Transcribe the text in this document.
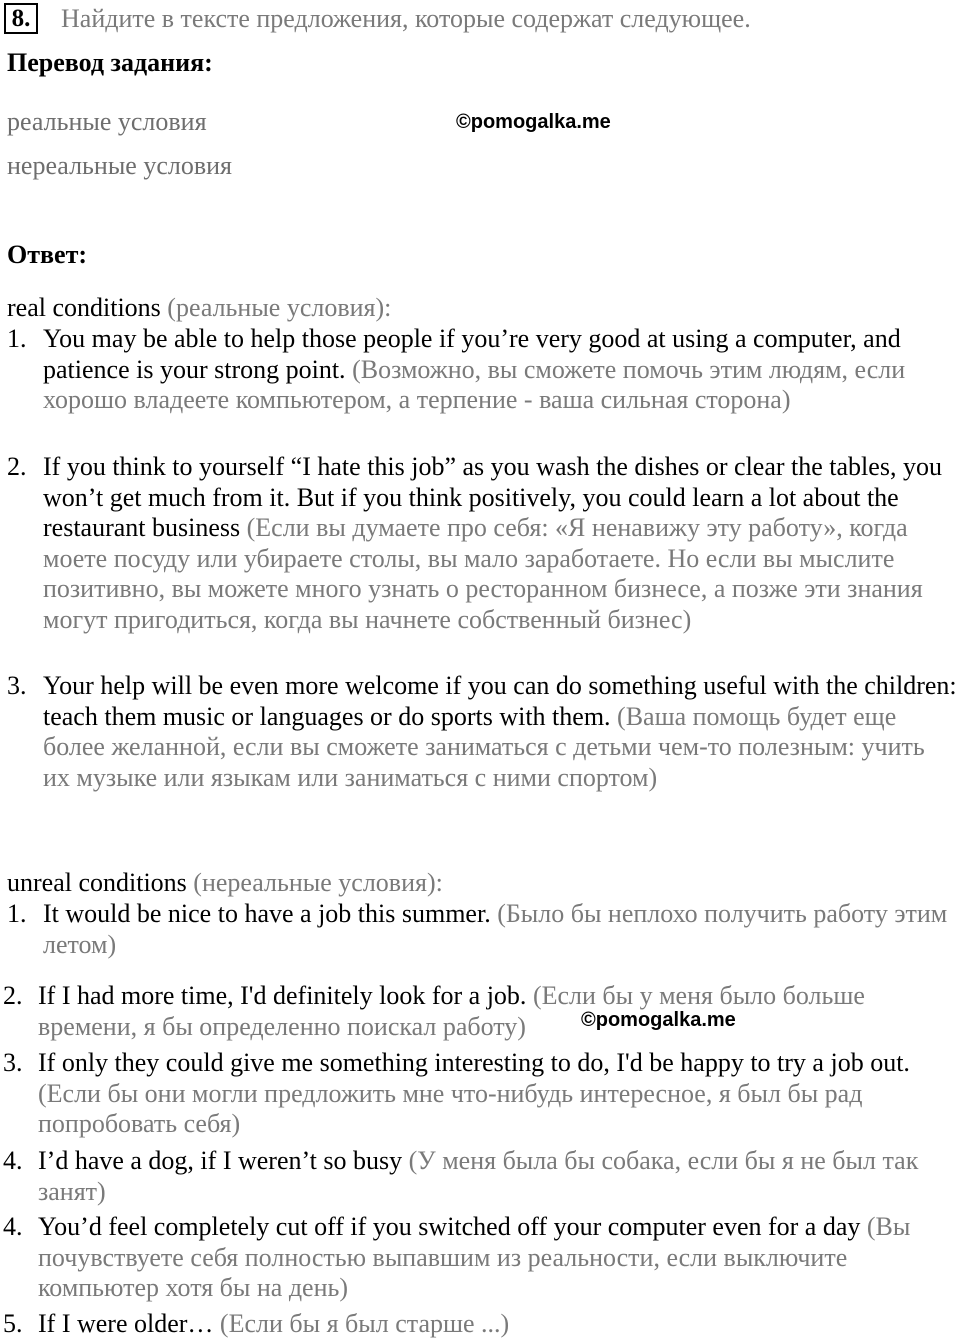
8. Найдите в тексте предложения, которые содержат следующее.
Перевод задания:
реальные условия
нереальные условия
©pomogalka.me
Ответ:
real conditions (реальные условия):
1. You may be able to help those people if you’re very good at using a computer, and patience is your strong point. (Возможно, вы сможете помочь этим людям, если хорошо владеете компьютером, а терпение - ваша сильная сторона)
2. If you think to yourself “I hate this job” as you wash the dishes or clear the tables, you won’t get much from it. But if you think positively, you could learn a lot about the restaurant business (Если вы думаете про себя: «Я ненавижу эту работу», когда моете посуду или убираете столы, вы мало заработаете. Но если вы мыслите позитивно, вы можете много узнать о ресторанном бизнесе, а позже эти знания могут пригодиться, когда вы начнете собственный бизнес)
3. Your help will be even more welcome if you can do something useful with the children: teach them music or languages or do sports with them. (Ваша помощь будет еще более желанной, если вы сможете заниматься с детьми чем-то полезным: учить их музыке или языкам или заниматься с ними спортом)
unreal conditions (нереальные условия):
1. It would be nice to have a job this summer. (Было бы неплохо получить работу этим летом)
2. If I had more time, I'd definitely look for a job. (Если бы у меня было больше времени, я бы определенно поискал работу)	©pomogalka.me
3. If only they could give me something interesting to do, I'd be happy to try a job out. (Если бы они могли предложить мне что-нибудь интересное, я был бы рад попробовать себя)
4. I’d have a dog, if I weren’t so busy (У меня была бы собака, если бы я не был так занят)
4. You’d feel completely cut off if you switched off your computer even for a day (Вы почувствуете себя полностью выпавшим из реальности, если выключите компьютер хотя бы на день)
5. If I were older… (Если бы я был старше ...)
